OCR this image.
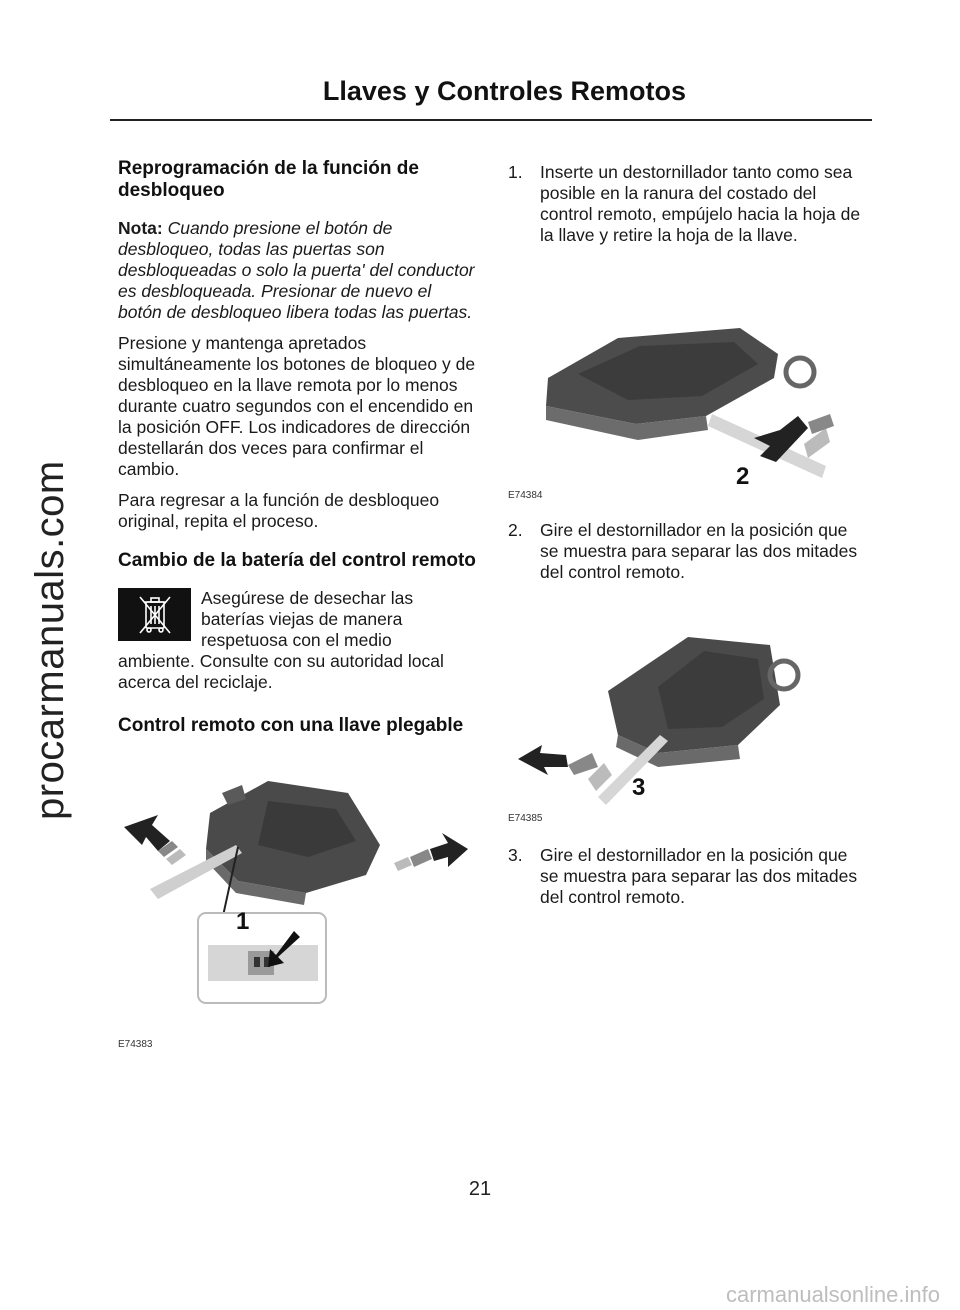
procarmanuals.com
Llaves y Controles Remotos
Reprogramación de la función de desbloqueo

Nota: Cuando presione el botón de desbloqueo, todas las puertas son desbloqueadas o solo la puerta' del conductor es desbloqueada. Presionar de nuevo el botón de desbloqueo libera todas las puertas.

Presione y mantenga apretados simultáneamente los botones de bloqueo y de desbloqueo en la llave remota por lo menos durante cuatro segundos con el encendido en la posición OFF. Los indicadores de dirección destellarán dos veces para confirmar el cambio.

Para regresar a la función de desbloqueo original, repita el proceso.

Cambio de la batería del control remoto
Asegúrese de desechar las baterías viejas de manera respetuosa con el medio

ambiente. Consulte con su autoridad local acerca del reciclaje.

Control remoto con una llave plegable
1
E74383
1. Inserte un destornillador tanto como sea posible en la ranura del costado del control remoto, empújelo hacia la hoja de la llave y retire la hoja de la llave.
2
E74384
2. Gire el destornillador en la posición que se muestra para separar las dos mitades del control remoto.
3
E74385
3. Gire el destornillador en la posición que se muestra para separar las dos mitades del control remoto.
21
carmanualsonline.info
